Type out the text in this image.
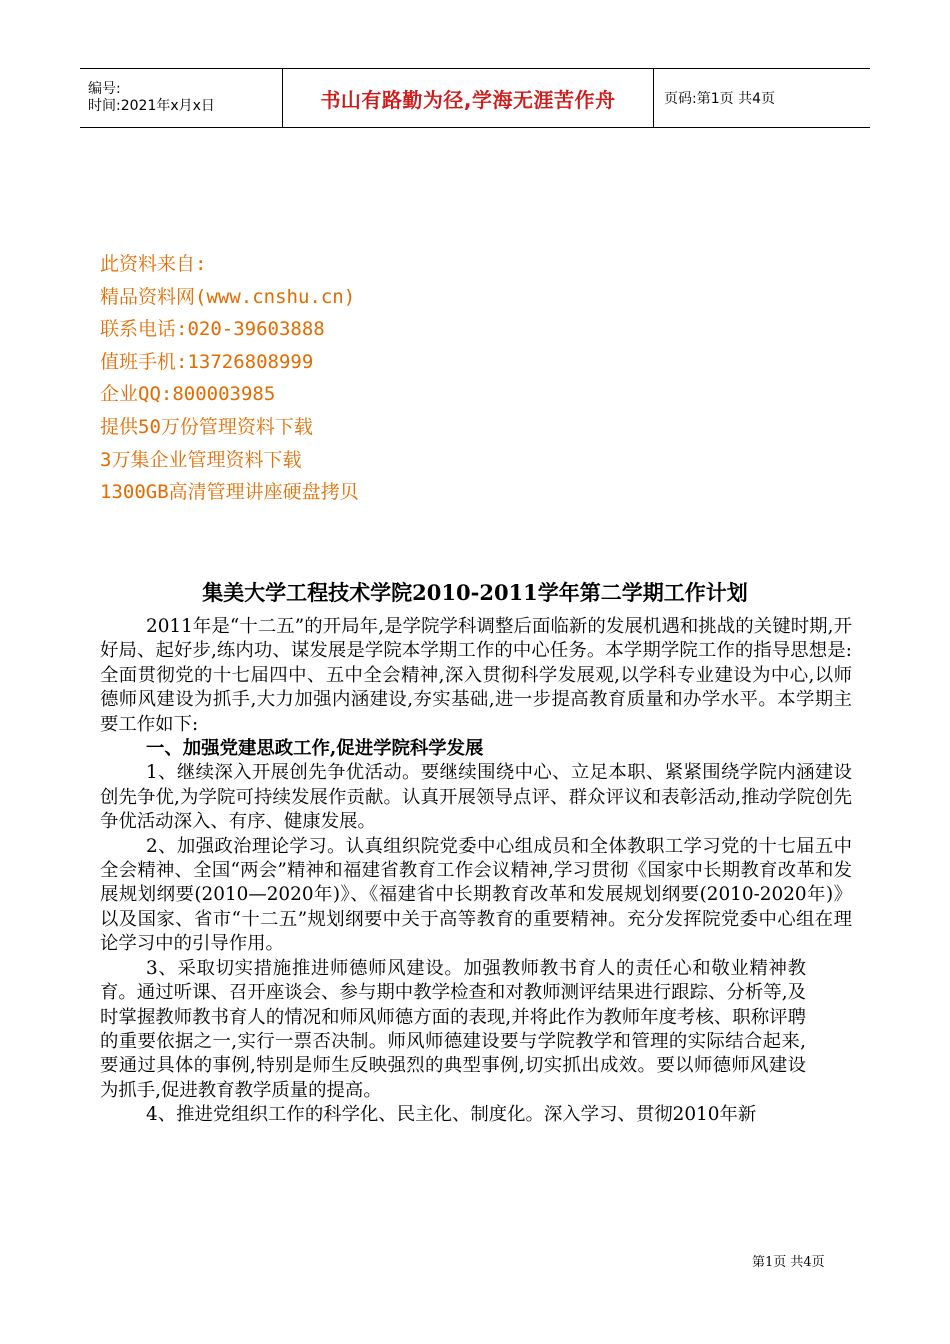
编号:
时间:2021年x月x日	书山有路勤为径,学海无涯苦作舟	页码:第1页 共4页
此资料来自:
精品资料网(www.cnshu.cn)
联系电话:020-39603888
值班手机:13726808999
企业QQ:800003985
提供50万份管理资料下载
3万集企业管理资料下载
1300GB高清管理讲座硬盘拷贝
集美大学工程技术学院2010-2011学年第二学期工作计划

2011年是“十二五”的开局年,是学院学科调整后面临新的发展机遇和挑战的关键时期,开好局、起好步,练内功、谋发展是学院本学期工作的中心任务。本学期学院工作的指导思想是:全面贯彻党的十七届四中、五中全会精神,深入贯彻科学发展观,以学科专业建设为中心,以师德师风建设为抓手,大力加强内涵建设,夯实基础,进一步提高教育质量和办学水平。本学期主要工作如下:

一、加强党建思政工作,促进学院科学发展

1、继续深入开展创先争优活动。要继续围绕中心、立足本职、紧紧围绕学院内涵建设创先争优,为学院可持续发展作贡献。认真开展领导点评、群众评议和表彰活动,推动学院创先争优活动深入、有序、健康发展。

2、加强政治理论学习。认真组织院党委中心组成员和全体教职工学习党的十七届五中全会精神、全国“两会”精神和福建省教育工作会议精神,学习贯彻《国家中长期教育改革和发展规划纲要(2010—2020年)》、《福建省中长期教育改革和发展规划纲要(2010-2020年)》以及国家、省市“十二五”规划纲要中关于高等教育的重要精神。充分发挥院党委中心组在理论学习中的引导作用。

3、采取切实措施推进师德师风建设。加强教师教书育人的责任心和敬业精神教育。通过听课、召开座谈会、参与期中教学检查和对教师测评结果进行跟踪、分析等,及时掌握教师教书育人的情况和师风师德方面的表现,并将此作为教师年度考核、职称评聘的重要依据之一,实行一票否决制。师风师德建设要与学院教学和管理的实际结合起来,要通过具体的事例,特别是师生反映强烈的典型事例,切实抓出成效。要以师德师风建设为抓手,促进教育教学质量的提高。

4、推进党组织工作的科学化、民主化、制度化。深入学习、贯彻2010年新

第1页 共4页
